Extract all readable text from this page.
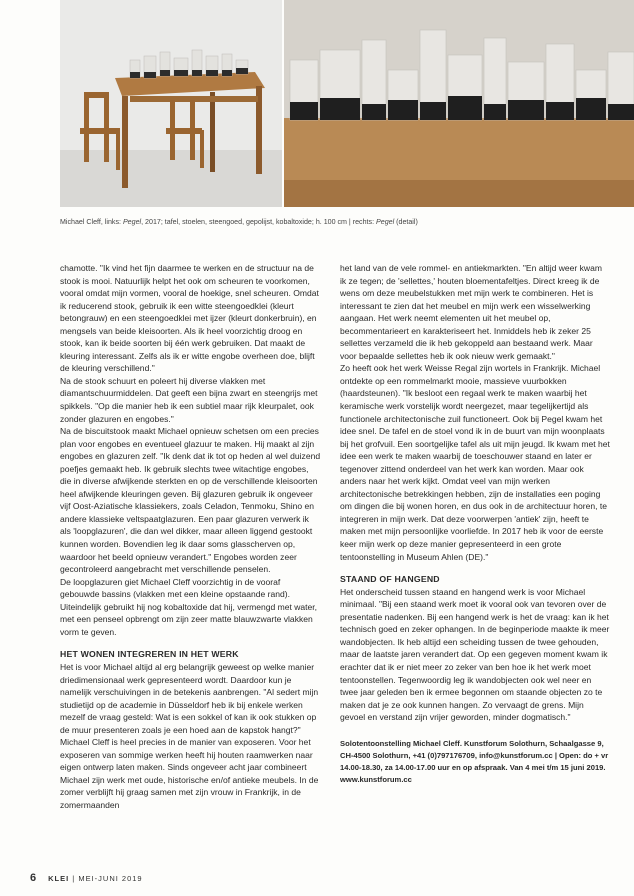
Michael Cleff, links: Pegel, 2017; tafel, stoelen, steengoed, gepolijst, kobaltoxide; h. 100 cm | rechts: Pegel (detail)

chamotte. "Ik vind het fijn daarmee te werken en de structuur na de stook is mooi. Natuurlijk helpt het ook om scheuren te voorkomen, vooral omdat mijn vormen, vooral de hoekige, snel scheuren. Omdat ik reducerend stook, gebruik ik een witte steengoedklei (kleurt betongrauw) en een steengoedklei met ijzer (kleurt donkerbruin), en mengsels van beide kleisoorten. Als ik heel voorzichtig droog en stook, kan ik beide soorten bij één werk gebruiken. Dat maakt de kleuring interessant. Zelfs als ik er witte engobe overheen doe, blijft de kleuring verschillend."

Na de stook schuurt en poleert hij diverse vlakken met diamantschuurmiddelen. Dat geeft een bijna zwart en steengrijs met spikkels. "Op die manier heb ik een subtiel maar rijk kleurpalet, ook zonder glazuren en engobes."

Na de biscuitstook maakt Michael opnieuw schetsen om een precies plan voor engobes en eventueel glazuur te maken. Hij maakt al zijn engobes en glazuren zelf. "Ik denk dat ik tot op heden al wel duizend poefjes gemaakt heb. Ik gebruik slechts twee witachtige engobes, die in diverse afwijkende sterkten en op de verschillende kleisoorten heel afwijkende kleuringen geven. Bij glazuren gebruik ik ongeveer vijf Oost-Aziatische klassiekers, zoals Celadon, Tenmoku, Shino en andere klassieke veltspaatglazuren. Een paar glazuren verwerk ik als 'loopglazuren', die dan wel dikker, maar alleen liggend gestookt kunnen worden. Bovendien leg ik daar soms glasscherven op, waardoor het beeld opnieuw verandert." Engobes worden zeer gecontroleerd aangebracht met verschillende penselen.

De loopglazuren giet Michael Cleff voorzichtig in de vooraf gebouwde bassins (vlakken met een kleine opstaande rand). Uiteindelijk gebruikt hij nog kobaltoxide dat hij, vermengd met water, met een penseel opbrengt om zijn zeer matte blauwzwarte vlakken vorm te geven.

HET WONEN INTEGREREN IN HET WERK

Het is voor Michael altijd al erg belangrijk geweest op welke manier driedimensionaal werk gepresenteerd wordt. Daardoor kun je namelijk verschuivingen in de betekenis aanbrengen. "Al sedert mijn studietijd op de academie in Düsseldorf heb ik bij enkele werken mezelf de vraag gesteld: Wat is een sokkel of kan ik ook stukken op de muur presenteren zoals je een hoed aan de kapstok hangt?" Michael Cleff is heel precies in de manier van exposeren. Voor het exposeren van sommige werken heeft hij houten raamwerken naar eigen ontwerp laten maken. Sinds ongeveer acht jaar combineert Michael zijn werk met oude, historische en/of antieke meubels. In de zomer verblijft hij graag samen met zijn vrouw in Frankrijk, in de zomermaanden

het land van de vele rommel- en antiekmarkten. "En altijd weer kwam ik ze tegen; de 'sellettes,' houten bloementafeltjes. Direct kreeg ik de wens om deze meubelstukken met mijn werk te combineren. Het is interessant te zien dat het meubel en mijn werk een wisselwerking aangaan. Het werk neemt elementen uit het meubel op, becommentarieert en karakteriseert het. Inmiddels heb ik zeker 25 sellettes verzameld die ik heb gekoppeld aan bestaand werk. Maar voor bepaalde sellettes heb ik ook nieuw werk gemaakt."

Zo heeft ook het werk Weisse Regal zijn wortels in Frankrijk. Michael ontdekte op een rommelmarkt mooie, massieve vuurbokken (haardsteunen). "Ik besloot een regaal werk te maken waarbij het keramische werk vorstelijk wordt neergezet, maar tegelijkertijd als functionele architectonische zuil functioneert. Ook bij Pegel kwam het idee snel. De tafel en de stoel vond ik in de buurt van mijn woonplaats bij het grofvuil. Een soortgelijke tafel als uit mijn jeugd. Ik kwam met het idee een werk te maken waarbij de toeschouwer staand en later er tegenover zittend onderdeel van het werk kan worden. Maar ook anders naar het werk kijkt. Omdat veel van mijn werken architectonische betrekkingen hebben, zijn de installaties een poging om dingen die bij wonen horen, en dus ook in de architectuur horen, te integreren in mijn werk. Dat deze voorwerpen 'antiek' zijn, heeft te maken met mijn persoonlijke voorliefde. In 2017 heb ik voor de eerste keer mijn werk op deze manier gepresenteerd in een grote tentoonstelling in Museum Ahlen (DE)."

STAAND OF HANGEND

Het onderscheid tussen staand en hangend werk is voor Michael minimaal. "Bij een staand werk moet ik vooral ook van tevoren over de presentatie nadenken. Bij een hangend werk is het de vraag: kan ik het technisch goed en zeker ophangen. In de beginperiode maakte ik meer wandobjecten. Ik heb altijd een scheiding tussen de twee gehouden, maar de laatste jaren verandert dat. Op een gegeven moment kwam ik erachter dat ik er niet meer zo zeker van ben hoe ik het werk moet tentoonstellen. Tegenwoordig leg ik wandobjecten ook wel neer en twee jaar geleden ben ik ermee begonnen om staande objecten zo te maken dat je ze ook kunnen hangen. Zo vervaagt de grens. Mijn gevoel en verstand zijn vrijer geworden, minder dogmatisch."

Solotentoonstelling Michael Cleff. Kunstforum Solothurn, Schaalgasse 9, CH-4500 Solothurn, +41 (0)797176709, info@kunstforum.cc | Open: do + vr 14.00-18.30, za 14.00-17.00 uur en op afspraak. Van 4 mei t/m 15 juni 2019. www.kunstforum.cc

6 KLEI | MEI-JUNI 2019
